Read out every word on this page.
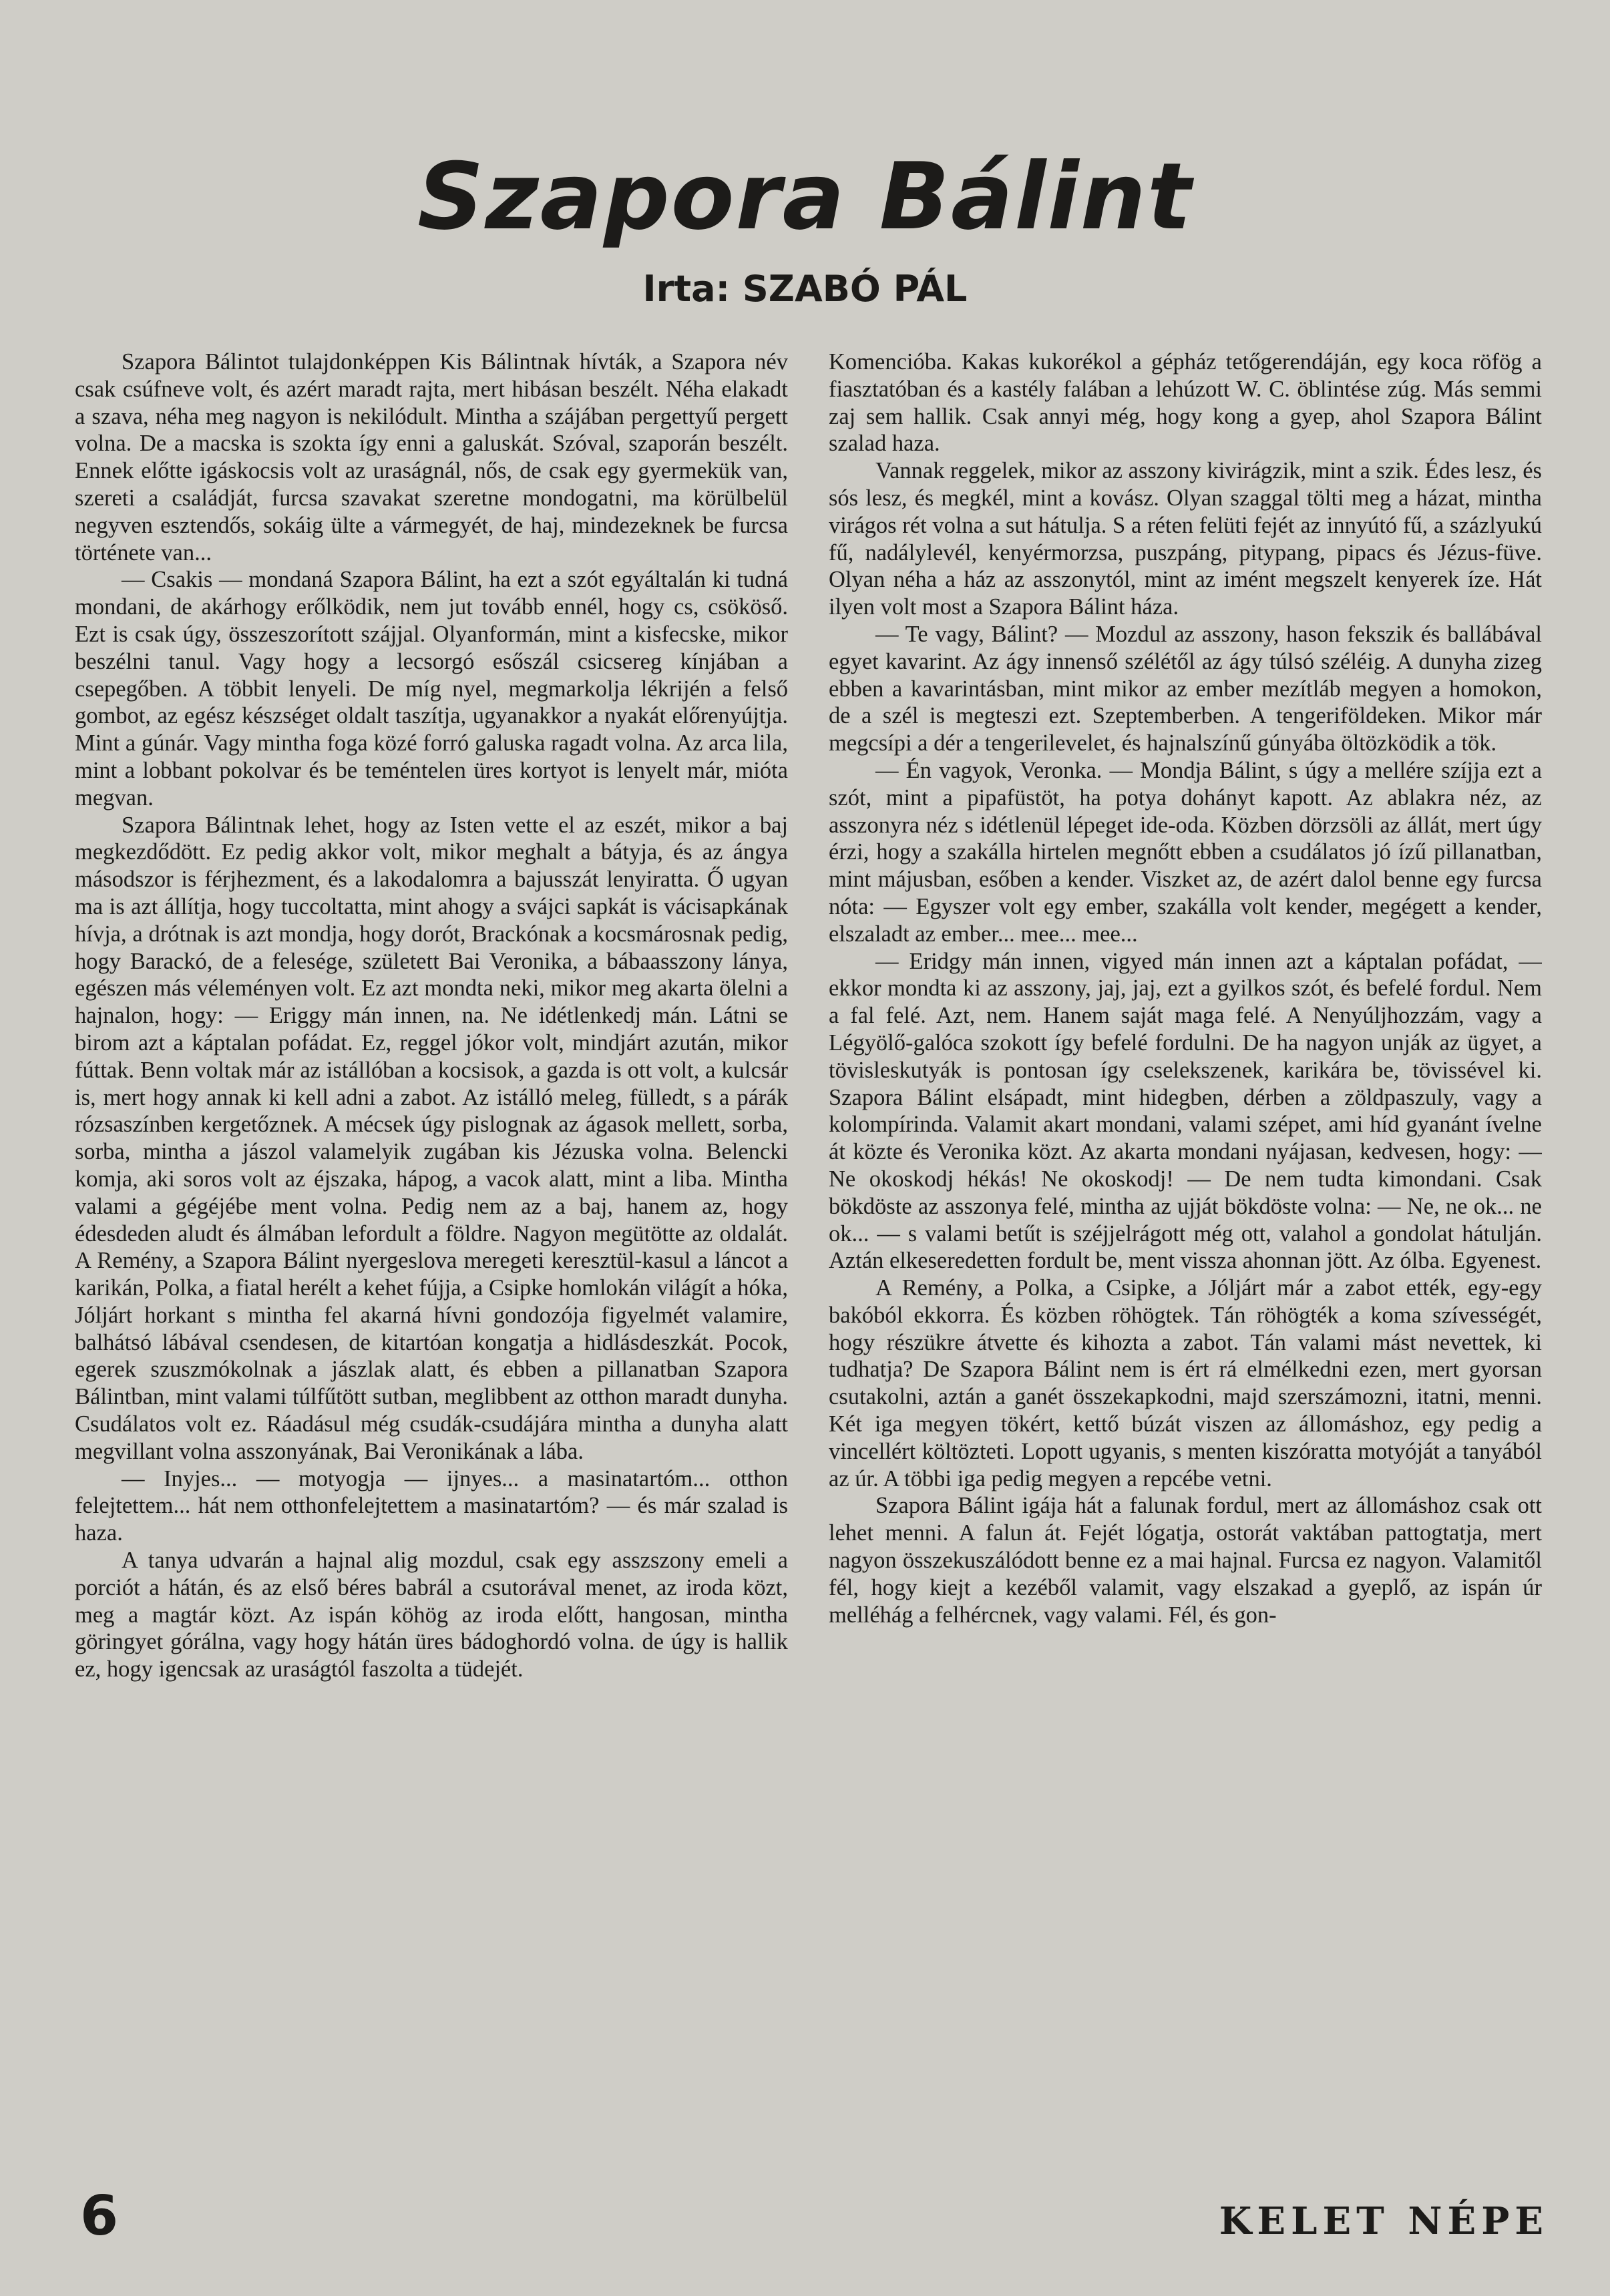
Szapora Bálint
Irta: SZABÓ PÁL

Szapora Bálintot tulajdonképpen Kis Bálintnak hívták, a Szapora név csak csúfneve volt, és azért maradt rajta, mert hibásan beszélt. Néha elakadt a szava, néha meg nagyon is nekilódult. Mintha a szájában pergettyű pergett volna. De a macska is szokta így enni a galuskát. Szóval, szaporán beszélt. Ennek előtte igáskocsis volt az uraságnál, nős, de csak egy gyermekük van, szereti a családját, furcsa szavakat szeretne mondogatni, ma körülbelül negyven esztendős, sokáig ülte a vármegyét, de haj, mindezeknek be furcsa története van...

— Csakis — mondaná Szapora Bálint, ha ezt a szót egyáltalán ki tudná mondani, de akárhogy erőlködik, nem jut tovább ennél, hogy cs, csököső. Ezt is csak úgy, összeszorított szájjal. Olyanformán, mint a kisfecske, mikor beszélni tanul. Vagy hogy a lecsorgó esőszál csicsereg kínjában a csepegőben. A többit lenyeli. De míg nyel, megmarkolja lékrijén a felső gombot, az egész készséget oldalt taszítja, ugyanakkor a nyakát előrenyújtja. Mint a gúnár. Vagy mintha foga közé forró galuska ragadt volna. Az arca lila, mint a lobbant pokolvar és be teméntelen üres kortyot is lenyelt már, mióta megvan.

Szapora Bálintnak lehet, hogy az Isten vette el az eszét, mikor a baj megkezdődött. Ez pedig akkor volt, mikor meghalt a bátyja, és az ángya másodszor is férjhezment, és a lakodalomra a bajusszát lenyiratta. Ő ugyan ma is azt állítja, hogy tuccoltatta, mint ahogy a svájci sapkát is vácisapkának hívja, a drótnak is azt mondja, hogy dorót, Brackónak a kocsmárosnak pedig, hogy Barackó, de a felesége, született Bai Veronika, a bábaasszony lánya, egészen más véleményen volt. Ez azt mondta neki, mikor meg akarta ölelni a hajnalon, hogy: — Eriggy mán innen, na. Ne idétlenkedj mán. Látni se birom azt a káptalan pofádat. Ez, reggel jókor volt, mindjárt azután, mikor fúttak. Benn voltak már az istállóban a kocsisok, a gazda is ott volt, a kulcsár is, mert hogy annak ki kell adni a zabot. Az istálló meleg, fülledt, s a párák rózsaszínben kergetőznek. A mécsek úgy pislognak az ágasok mellett, sorba, sorba, mintha a jászol valamelyik zugában kis Jézuska volna. Belencki komja, aki soros volt az éjszaka, hápog, a vacok alatt, mint a liba. Mintha valami a gégéjébe ment volna. Pedig nem az a baj, hanem az, hogy édesdeden aludt és álmában lefordult a földre. Nagyon megütötte az oldalát. A Remény, a Szapora Bálint nyergeslova meregeti keresztül-kasul a láncot a karikán, Polka, a fiatal herélt a kehet fújja, a Csipke homlokán világít a hóka, Jóljárt horkant s mintha fel akarná hívni gondozója figyelmét valamire, balhátsó lábával csendesen, de kitartóan kongatja a hidlásdeszkát. Pocok, egerek szuszmókolnak a jászlak alatt, és ebben a pillanatban Szapora Bálintban, mint valami túlfűtött sutban, meglibbent az otthon maradt dunyha. Csudálatos volt ez. Ráadásul még csudák-csudájára mintha a dunyha alatt megvillant volna asszonyának, Bai Veronikának a lába.

— Inyjes... — motyogja — ijnyes... a masinatartóm... otthon felejtettem... hát nem otthonfelejtettem a masinatartóm? — és már szalad is haza.

A tanya udvarán a hajnal alig mozdul, csak egy asszszony emeli a porciót a hátán, és az első béres babrál a csutorával menet, az iroda közt, meg a magtár közt. Az ispán köhög az iroda előtt, hangosan, mintha göringyet górálna, vagy hogy hátán üres bádoghordó volna. de úgy is hallik ez, hogy igencsak az uraságtól faszolta a tüdejét.

Komencióba. Kakas kukorékol a gépház tetőgerendáján, egy koca röfög a fiasztatóban és a kastély falában a lehúzott W. C. öblintése zúg. Más semmi zaj sem hallik. Csak annyi még, hogy kong a gyep, ahol Szapora Bálint szalad haza.

Vannak reggelek, mikor az asszony kivirágzik, mint a szik. Édes lesz, és sós lesz, és megkél, mint a kovász. Olyan szaggal tölti meg a házat, mintha virágos rét volna a sut hátulja. S a réten felüti fejét az innyútó fű, a százlyukú fű, nadálylevél, kenyérmorzsa, puszpáng, pitypang, pipacs és Jézus-füve. Olyan néha a ház az asszonytól, mint az imént megszelt kenyerek íze. Hát ilyen volt most a Szapora Bálint háza.

— Te vagy, Bálint? — Mozdul az asszony, hason fekszik és ballábával egyet kavarint. Az ágy innenső szélétől az ágy túlsó széléig. A dunyha zizeg ebben a kavarintásban, mint mikor az ember mezítláb megyen a homokon, de a szél is megteszi ezt. Szeptemberben. A tengeriföldeken. Mikor már megcsípi a dér a tengerilevelet, és hajnalszínű gúnyába öltözködik a tök.

— Én vagyok, Veronka. — Mondja Bálint, s úgy a mellére szíjja ezt a szót, mint a pipafüstöt, ha potya dohányt kapott. Az ablakra néz, az asszonyra néz s idétlenül lépeget ide-oda. Közben dörzsöli az állát, mert úgy érzi, hogy a szakálla hirtelen megnőtt ebben a csudálatos jó ízű pillanatban, mint májusban, esőben a kender. Viszket az, de azért dalol benne egy furcsa nóta: — Egyszer volt egy ember, szakálla volt kender, megégett a kender, elszaladt az ember... mee... mee...

— Eridgy mán innen, vigyed mán innen azt a káptalan pofádat, — ekkor mondta ki az asszony, jaj, jaj, ezt a gyilkos szót, és befelé fordul. Nem a fal felé. Azt, nem. Hanem saját maga felé. A Nenyúljhozzám, vagy a Légyölő-galóca szokott így befelé fordulni. De ha nagyon unják az ügyet, a tövisleskutyák is pontosan így cselekszenek, karikára be, tövissével ki. Szapora Bálint elsápadt, mint hidegben, dérben a zöldpaszuly, vagy a kolompírinda. Valamit akart mondani, valami szépet, ami híd gyanánt ívelne át közte és Veronika közt. Az akarta mondani nyájasan, kedvesen, hogy: — Ne okoskodj hékás! Ne okoskodj! — De nem tudta kimondani. Csak bökdöste az asszonya felé, mintha az ujját bökdöste volna: — Ne, ne ok... ne ok... — s valami betűt is széjjelrágott még ott, valahol a gondolat hátulján. Aztán elkeseredetten fordult be, ment vissza ahonnan jött. Az ólba. Egyenest.

A Remény, a Polka, a Csipke, a Jóljárt már a zabot ették, egy-egy bakóból ekkorra. És közben röhögtek. Tán röhögték a koma szívességét, hogy részükre átvette és kihozta a zabot. Tán valami mást nevettek, ki tudhatja? De Szapora Bálint nem is ért rá elmélkedni ezen, mert gyorsan csutakolni, aztán a ganét összekapkodni, majd szerszámozni, itatni, menni. Két iga megyen tökért, kettő búzát viszen az állomáshoz, egy pedig a vincellért költözteti. Lopott ugyanis, s menten kiszóratta motyóját a tanyából az úr. A többi iga pedig megyen a repcébe vetni.

Szapora Bálint igája hát a falunak fordul, mert az állomáshoz csak ott lehet menni. A falun át. Fejét lógatja, ostorát vaktában pattogtatja, mert nagyon összekuszálódott benne ez a mai hajnal. Furcsa ez nagyon. Valamitől fél, hogy kiejt a kezéből valamit, vagy elszakad a gyeplő, az ispán úr melléhág a felhércnek, vagy valami. Fél, és gon-

6	KELET NÉPE
